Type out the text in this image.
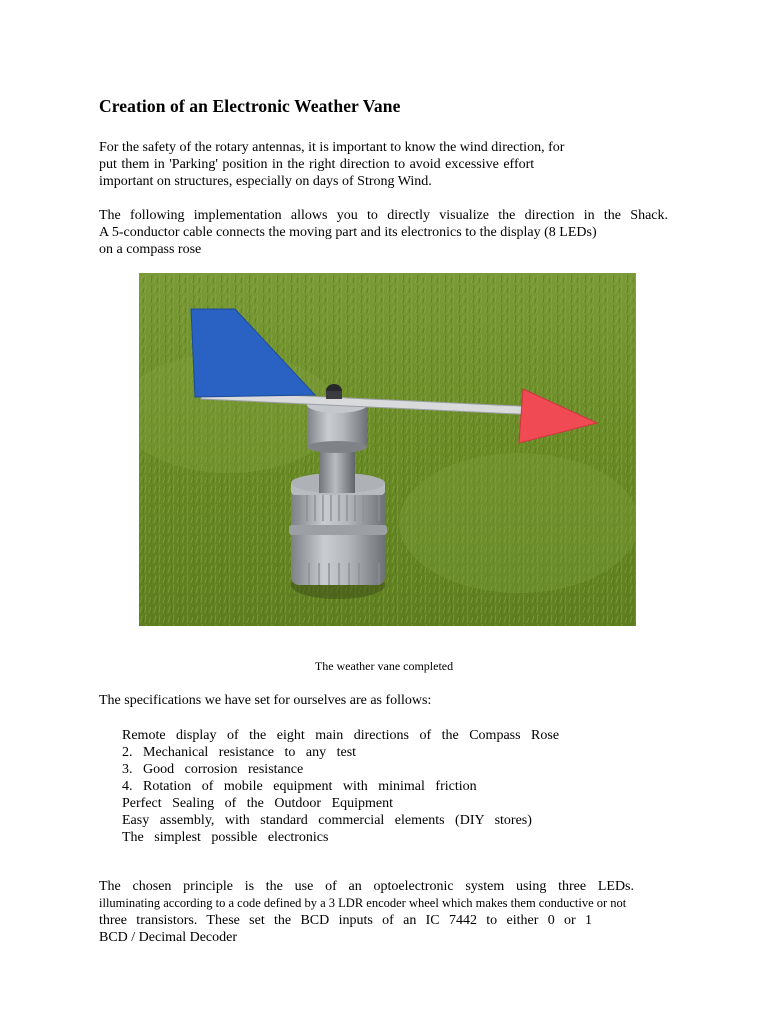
Creation of an Electronic Weather Vane
For the safety of the rotary antennas, it is important to know the wind direction, for
put them in 'Parking' position in the right direction to avoid excessive effort
important on structures, especially on days of Strong Wind.
The following implementation allows you to directly visualize the direction in the Shack.
A 5-conductor cable connects the moving part and its electronics to the display (8 LEDs)
on a compass rose
The weather vane completed

The specifications we have set for ourselves are as follows:

Remote display of the eight main directions of the Compass Rose
2. Mechanical resistance to any test
3. Good corrosion resistance
4. Rotation of mobile equipment with minimal friction
Perfect Sealing of the Outdoor Equipment
Easy assembly, with standard commercial elements (DIY stores)
The simplest possible electronics
The chosen principle is the use of an optoelectronic system using three LEDs.
illuminating according to a code defined by a 3 LDR encoder wheel which makes them conductive or not
three transistors. These set the BCD inputs of an IC 7442 to either 0 or 1
BCD / Decimal Decoder
